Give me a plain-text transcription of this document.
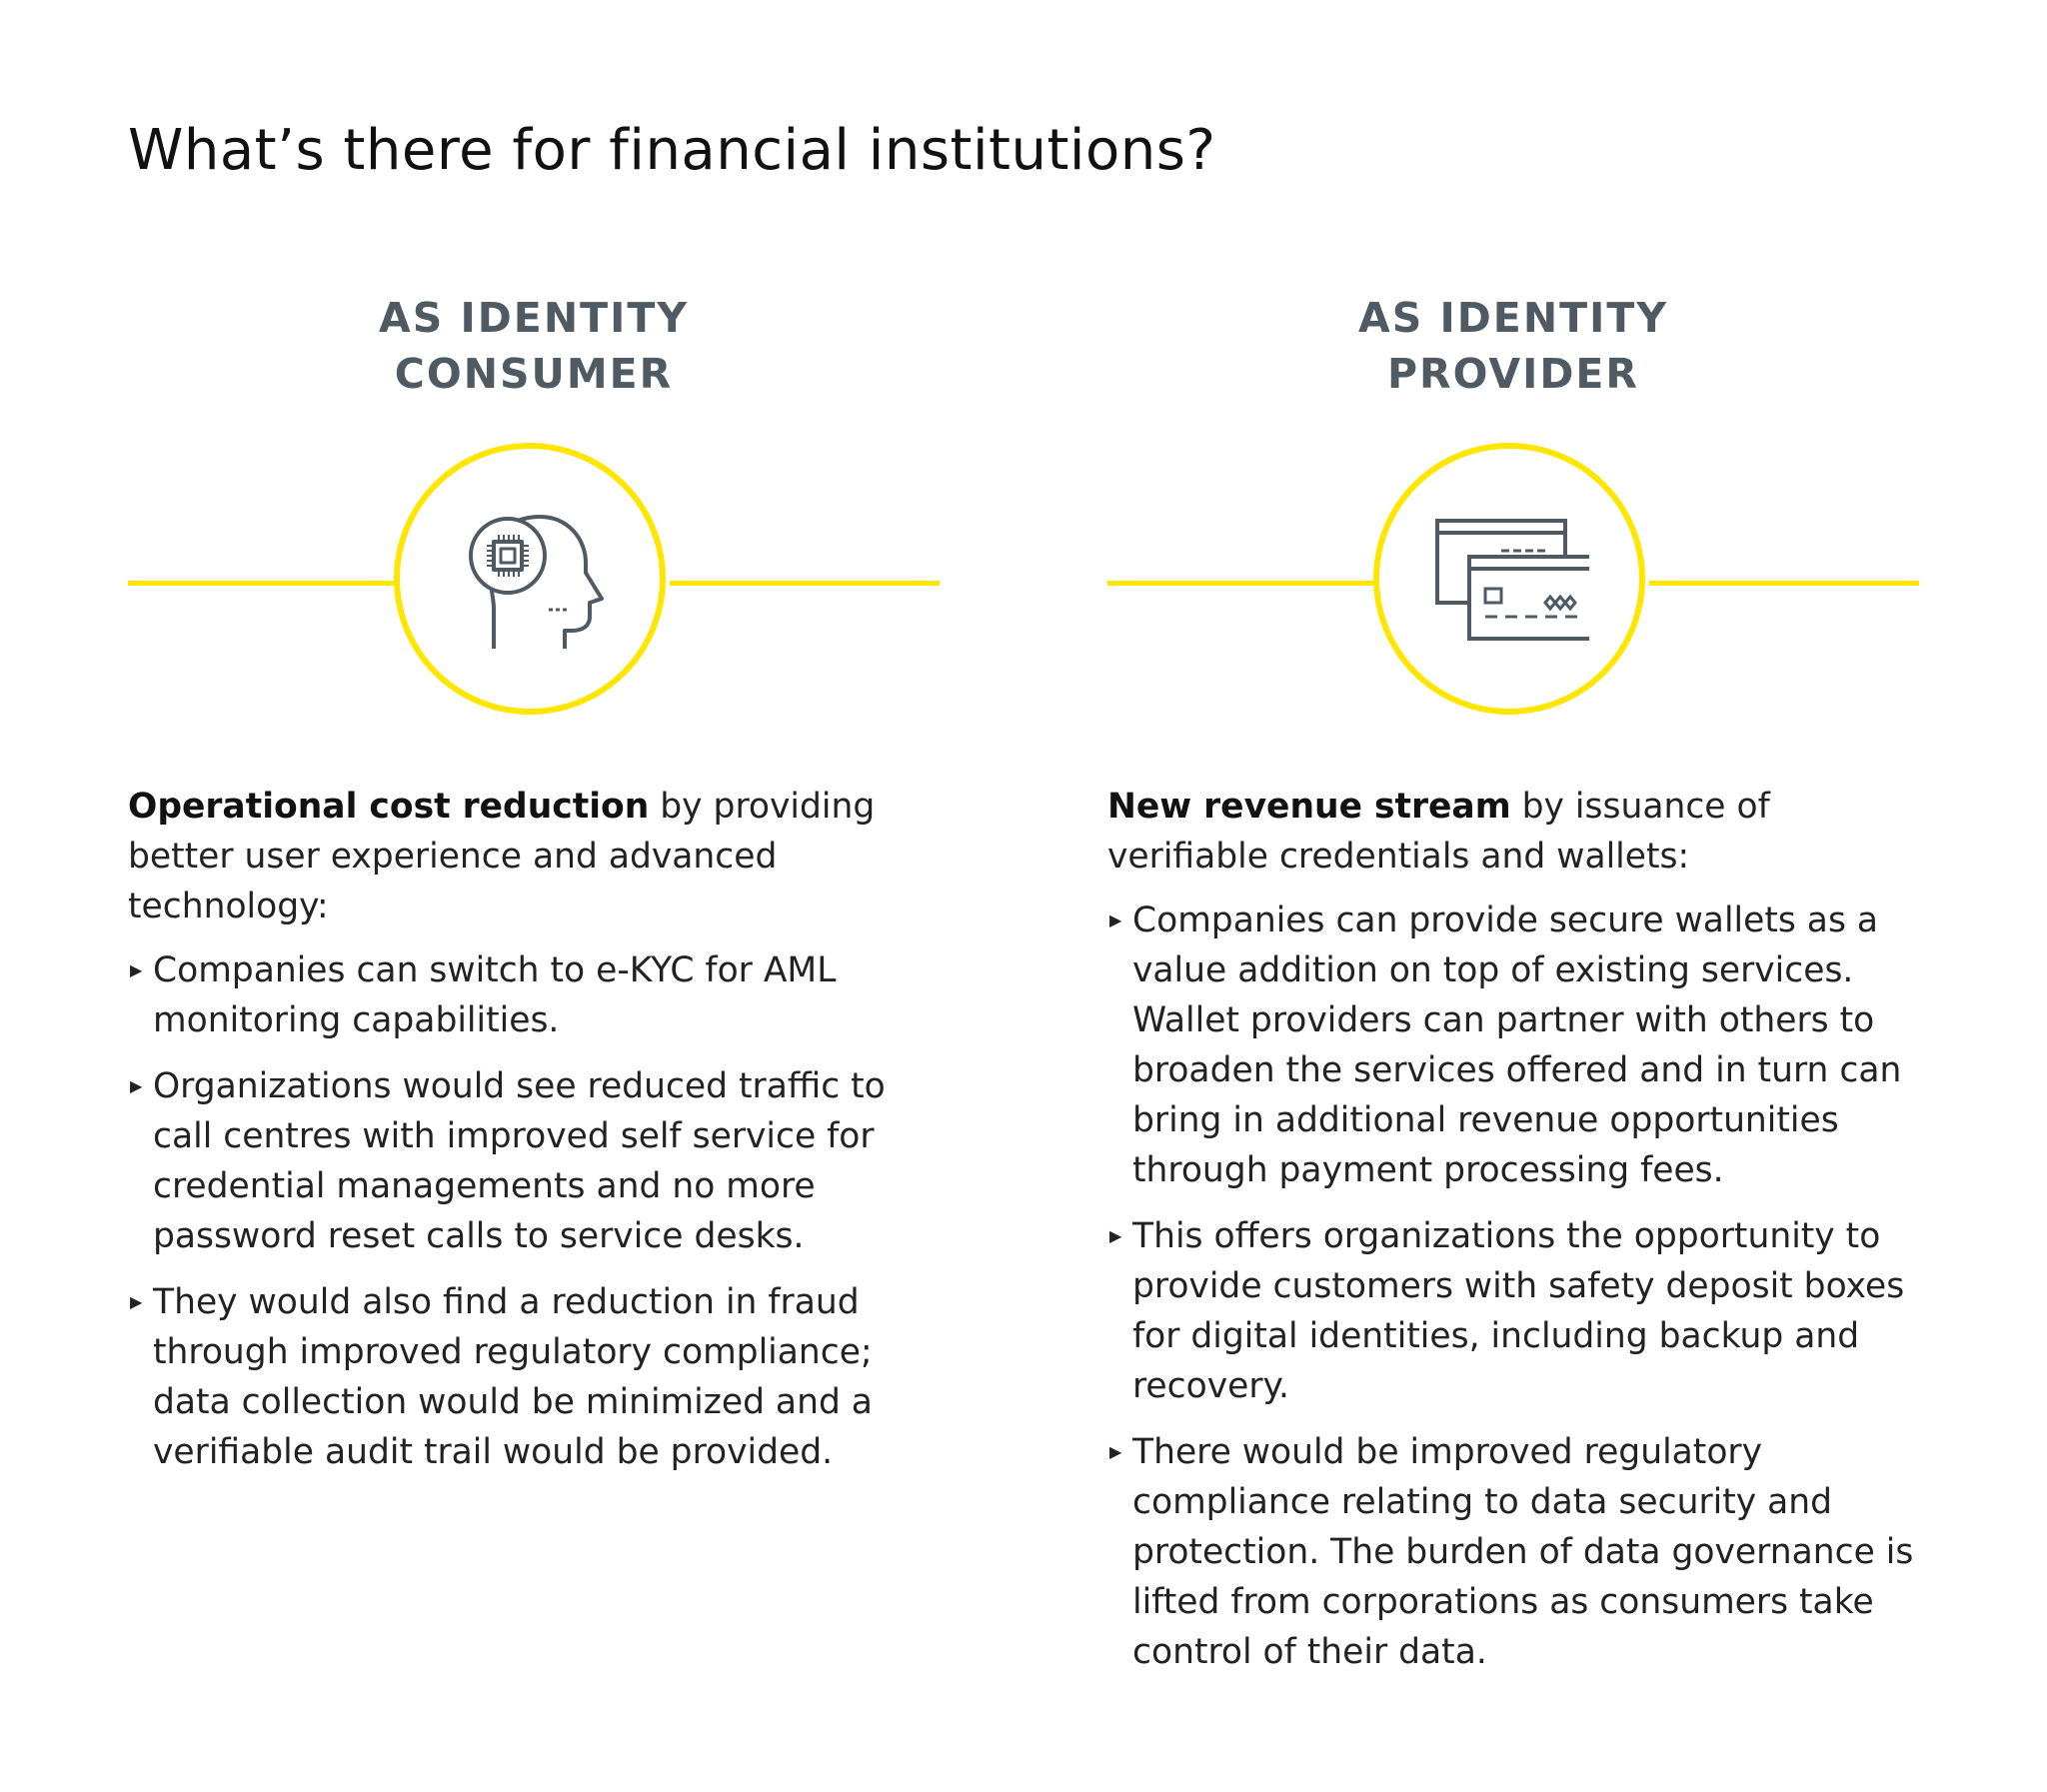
What’s there for financial institutions?
AS IDENTITY
CONSUMER

Operational cost reduction by providing better user experience and advanced technology:

▶ Companies can switch to e-KYC for AML monitoring capabilities.
▶ Organizations would see reduced traffic to call centres with improved self service for credential managements and no more password reset calls to service desks.
▶ They would also find a reduction in fraud through improved regulatory compliance; data collection would be minimized and a verifiable audit trail would be provided.
AS IDENTITY
PROVIDER

New revenue stream by issuance of verifiable credentials and wallets:

▶ Companies can provide secure wallets as a value addition on top of existing services. Wallet providers can partner with others to broaden the services offered and in turn can bring in additional revenue opportunities through payment processing fees.
▶ This offers organizations the opportunity to provide customers with safety deposit boxes for digital identities, including backup and recovery.
▶ There would be improved regulatory compliance relating to data security and protection. The burden of data governance is lifted from corporations as consumers take control of their data.
